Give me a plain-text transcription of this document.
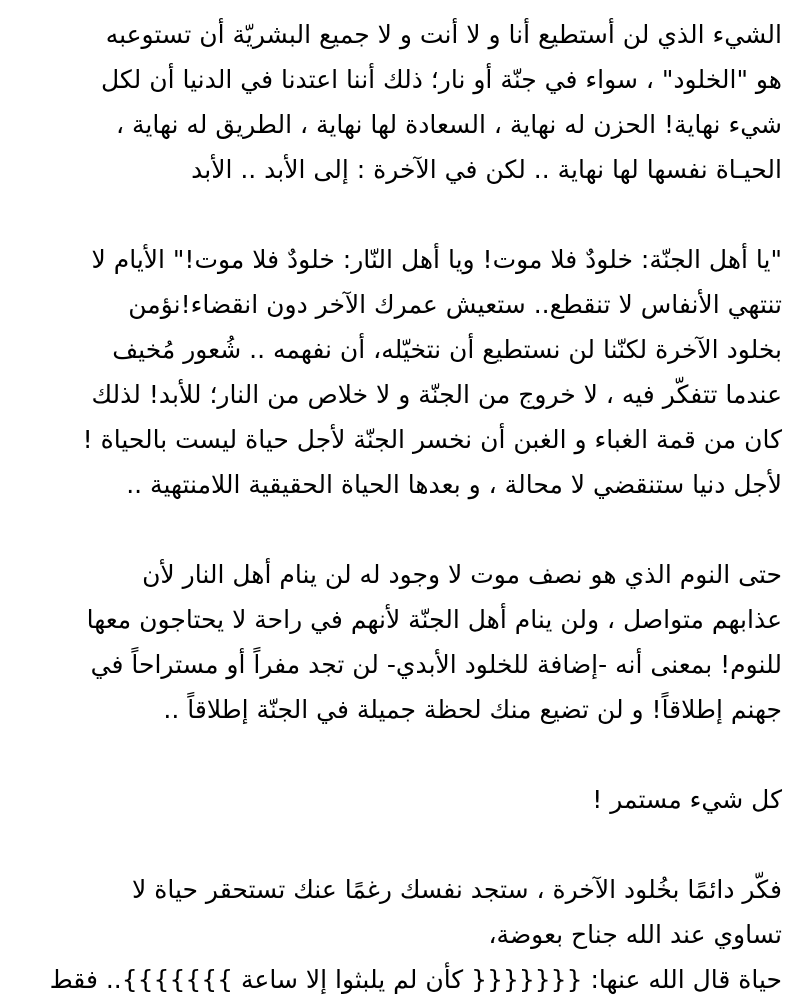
الشيء الذي لن أستطيع أنا و لا أنت و لا جميع البشريّة أن تستوعبه
هو "الخلود" ، سواء في جنّة أو نار؛ ذلك أننا اعتدنا في الدنيا أن لكل
شيء نهاية! الحزن له نهاية ، السعادة لها نهاية ، الطريق له نهاية ،
الحيـاة نفسها لها نهاية .. لكن في الآخرة : إلى الأبد .. الأبد

"يا أهل الجنّة: خلودٌ فلا موت! ويا أهل النّار: خلودٌ فلا موت!" الأيام لا
تنتهي الأنفاس لا تنقطع.. ستعيش عمرك الآخر دون انقضاء!نؤمن
بخلود الآخرة لكنّنا لن نستطيع أن نتخيّله، أن نفهمه .. شُعور مُخيف
عندما تتفكّر فيه ، لا خروج من الجنّة و لا خلاص من النار؛ للأبد! لذلك
كان من قمة الغباء و الغبن أن نخسر الجنّة لأجل حياة ليست بالحياة !
لأجل دنيا ستنقضي لا محالة ، و بعدها الحياة الحقيقية اللامنتهية ..

حتى النوم الذي هو نصف موت لا وجود له لن ينام أهل النار لأن
عذابهم متواصل ، ولن ينام أهل الجنّة لأنهم في راحة لا يحتاجون معها
للنوم! بمعنى أنه -إضافة للخلود الأبدي- لن تجد مفراً أو مستراحاً في
جهنم إطلاقاً! و لن تضيع منك لحظة جميلة في الجنّة إطلاقاً ..

كل شيء مستمر !

فكّر دائمًا بخُلود الآخرة ، ستجد نفسك رغمًا عنك تستحقر حياة لا
تساوي عند الله جناح بعوضة،
حياة قال الله عنها: {{{{{{{ كأن لم يلبثوا إلا ساعة }}}}}}}.. فقط
